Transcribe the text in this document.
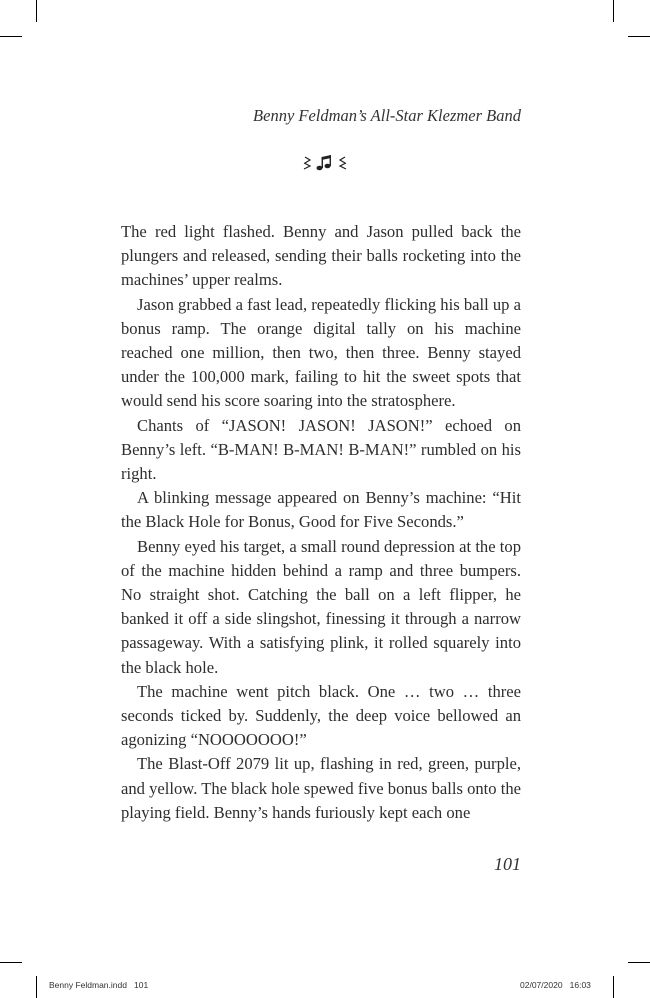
Benny Feldman’s All-Star Klezmer Band

The red light flashed. Benny and Jason pulled back the plungers and released, sending their balls rocketing into the machines’ upper realms.

Jason grabbed a fast lead, repeatedly flicking his ball up a bonus ramp. The orange digital tally on his machine reached one million, then two, then three. Benny stayed under the 100,000 mark, failing to hit the sweet spots that would send his score soaring into the stratosphere.

Chants of “JASON! JASON! JASON!” echoed on Benny’s left. “B-MAN! B-MAN! B-MAN!” rumbled on his right.

A blinking message appeared on Benny’s machine: “Hit the Black Hole for Bonus, Good for Five Seconds.”

Benny eyed his target, a small round depression at the top of the machine hidden behind a ramp and three bumpers. No straight shot. Catching the ball on a left flipper, he banked it off a side slingshot, finessing it through a narrow passageway. With a satisfying plink, it rolled squarely into the black hole.

The machine went pitch black. One … two … three seconds ticked by. Suddenly, the deep voice bellowed an agonizing “NOOOOOOO!”

The Blast-Off 2079 lit up, flashing in red, green, purple, and yellow. The black hole spewed five bonus balls onto the playing field. Benny’s hands furiously kept each one

101
Benny Feldman.indd   101	02/07/2020   16:03
